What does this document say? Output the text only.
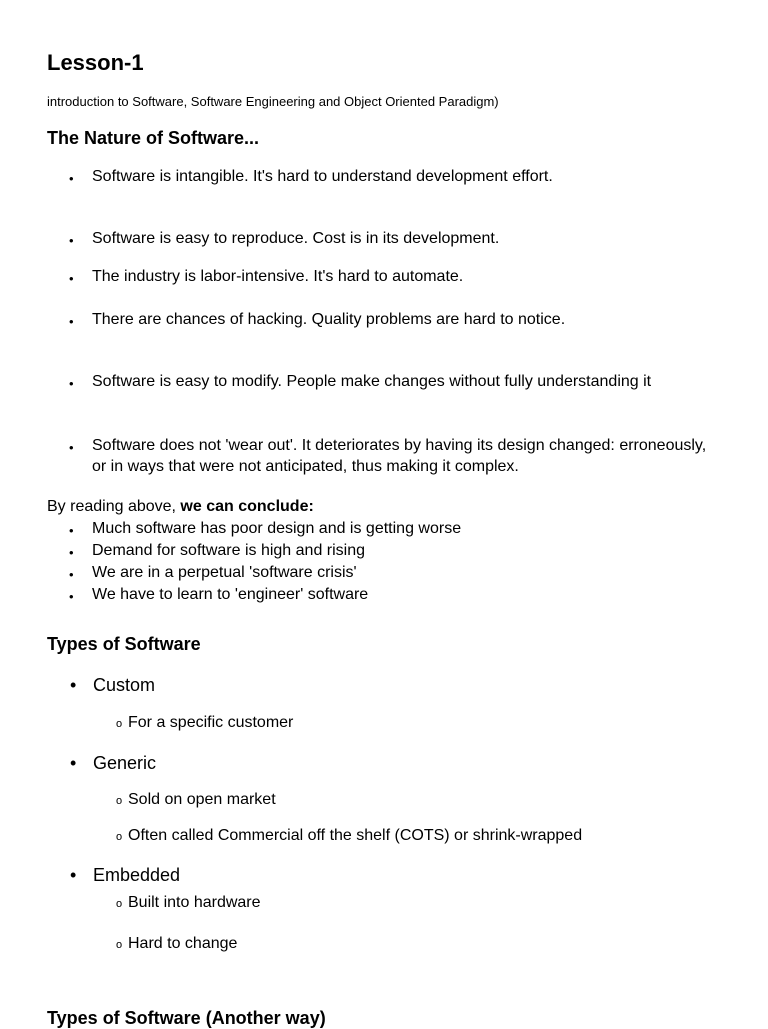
Lesson-1
introduction to Software, Software Engineering and Object Oriented Paradigm)
The Nature of Software...
• Software is intangible. It's hard to understand development effort.
• Software is easy to reproduce. Cost is in its development.
• The industry is labor-intensive. It's hard to automate.
• There are chances of hacking. Quality problems are hard to notice.
• Software is easy to modify. People make changes without fully understanding it
• Software does not 'wear out'. It deteriorates by having its design changed: erroneously, or in ways that were not anticipated, thus making it complex.
By reading above, we can conclude:
• Much software has poor design and is getting worse
• Demand for software is high and rising
• We are in a perpetual 'software crisis'
• We have to learn to 'engineer' software
Types of Software
• Custom
o For a specific customer
• Generic
o Sold on open market
o Often called Commercial off the shelf (COTS) or shrink-wrapped
• Embedded
o Built into hardware
o Hard to change
Types of Software (Another way)
